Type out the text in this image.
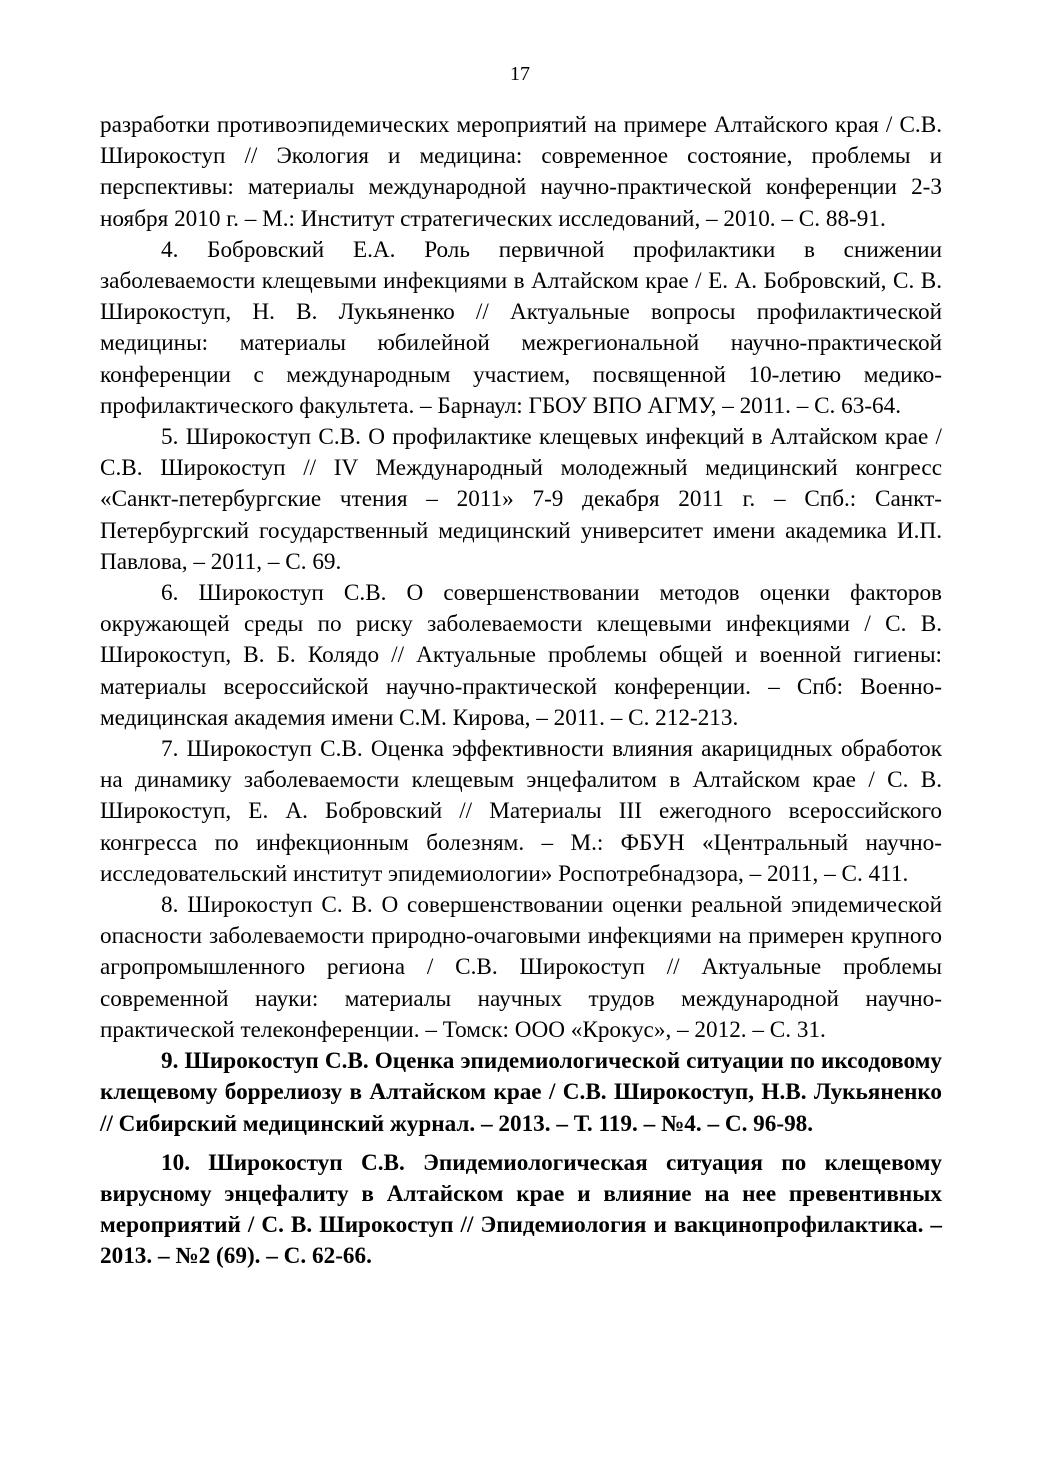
17

разработки противоэпидемических мероприятий на примере Алтайского края / С.В. Широкоступ // Экология и медицина: современное состояние, проблемы и перспективы: материалы международной научно-практической конференции 2-3 ноября 2010 г. – М.: Институт стратегических исследований, – 2010. – С. 88-91.

4. Бобровский Е.А. Роль первичной профилактики в снижении заболеваемости клещевыми инфекциями в Алтайском крае / Е. А. Бобровский, С. В. Широкоступ, Н. В. Лукьяненко // Актуальные вопросы профилактической медицины: материалы юбилейной межрегиональной научно-практической конференции с международным участием, посвященной 10-летию медико-профилактического факультета. – Барнаул: ГБОУ ВПО АГМУ, – 2011. – С. 63-64.

5. Широкоступ С.В. О профилактике клещевых инфекций в Алтайском крае / С.В. Широкоступ // IV Международный молодежный медицинский конгресс «Санкт-петербургские чтения – 2011» 7-9 декабря 2011 г. – Спб.: Санкт-Петербургский государственный медицинский университет имени академика И.П. Павлова, – 2011, – С. 69.

6. Широкоступ С.В. О совершенствовании методов оценки факторов окружающей среды по риску заболеваемости клещевыми инфекциями / С. В. Широкоступ, В. Б. Колядо // Актуальные проблемы общей и военной гигиены: материалы всероссийской научно-практической конференции. – Спб: Военно-медицинская академия имени С.М. Кирова, – 2011. – С. 212-213.

7. Широкоступ С.В. Оценка эффективности влияния акарицидных обработок на динамику заболеваемости клещевым энцефалитом в Алтайском крае / С. В. Широкоступ, Е. А. Бобровский // Материалы III ежегодного всероссийского конгресса по инфекционным болезням. – М.: ФБУН «Центральный научно-исследовательский институт эпидемиологии» Роспотребнадзора, – 2011, – С. 411.

8. Широкоступ С. В. О совершенствовании оценки реальной эпидемической опасности заболеваемости природно-очаговыми инфекциями на примерен крупного агропромышленного региона / С.В. Широкоступ // Актуальные проблемы современной науки: материалы научных трудов международной научно-практической телеконференции. – Томск: ООО «Крокус», – 2012. – С. 31.

9. Широкоступ С.В. Оценка эпидемиологической ситуации по иксодовому клещевому боррелиозу в Алтайском крае / С.В. Широкоступ, Н.В. Лукьяненко // Сибирский медицинский журнал. – 2013. – Т. 119. – №4. – С. 96-98.

10. Широкоступ С.В. Эпидемиологическая ситуация по клещевому вирусному энцефалиту в Алтайском крае и влияние на нее превентивных мероприятий / С. В. Широкоступ // Эпидемиология и вакцинопрофилактика. – 2013. – №2 (69). – С. 62-66.
